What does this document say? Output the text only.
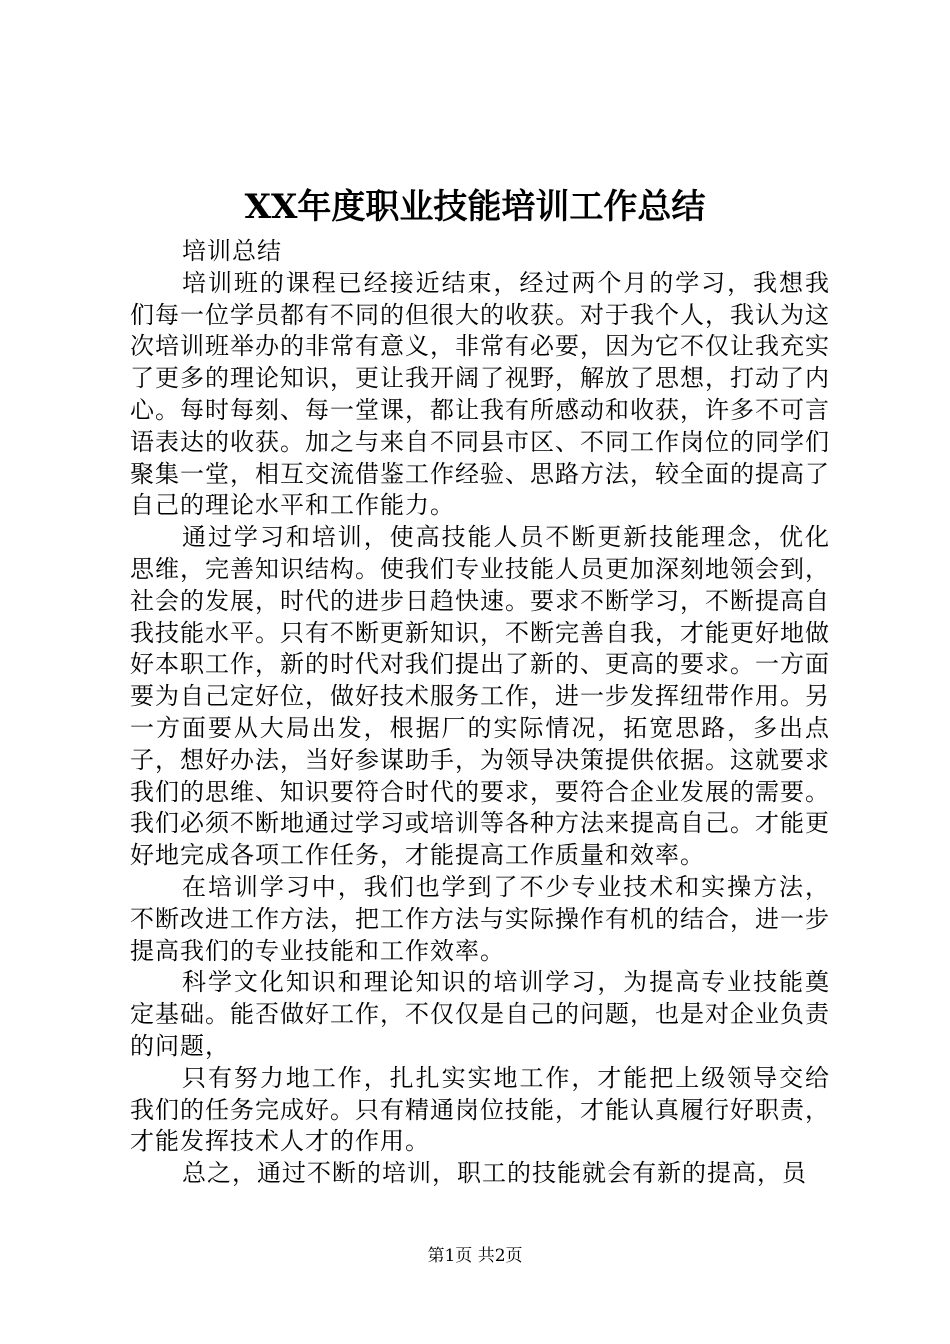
XX年度职业技能培训工作总结

培训总结

培训班的课程已经接近结束，经过两个月的学习，我想我们每一位学员都有不同的但很大的收获。对于我个人，我认为这次培训班举办的非常有意义，非常有必要，因为它不仅让我充实了更多的理论知识，更让我开阔了视野，解放了思想，打动了内心。每时每刻、每一堂课，都让我有所感动和收获，许多不可言语表达的收获。加之与来自不同县市区、不同工作岗位的同学们聚集一堂，相互交流借鉴工作经验、思路方法，较全面的提高了自己的理论水平和工作能力。

通过学习和培训，使高技能人员不断更新技能理念，优化思维，完善知识结构。使我们专业技能人员更加深刻地领会到，社会的发展，时代的进步日趋快速。要求不断学习，不断提高自我技能水平。只有不断更新知识，不断完善自我，才能更好地做好本职工作，新的时代对我们提出了新的、更高的要求。一方面要为自己定好位，做好技术服务工作，进一步发挥纽带作用。另一方面要从大局出发，根据厂的实际情况，拓宽思路，多出点子，想好办法，当好参谋助手，为领导决策提供依据。这就要求我们的思维、知识要符合时代的要求，要符合企业发展的需要。我们必须不断地通过学习或培训等各种方法来提高自己。才能更好地完成各项工作任务，才能提高工作质量和效率。

在培训学习中，我们也学到了不少专业技术和实操方法，不断改进工作方法，把工作方法与实际操作有机的结合，进一步提高我们的专业技能和工作效率。

科学文化知识和理论知识的培训学习，为提高专业技能奠定基础。能否做好工作，不仅仅是自己的问题，也是对企业负责的问题，

只有努力地工作，扎扎实实地工作，才能把上级领导交给我们的任务完成好。只有精通岗位技能，才能认真履行好职责，才能发挥技术人才的作用。

总之，通过不断的培训，职工的技能就会有新的提高，员

第1页 共2页
